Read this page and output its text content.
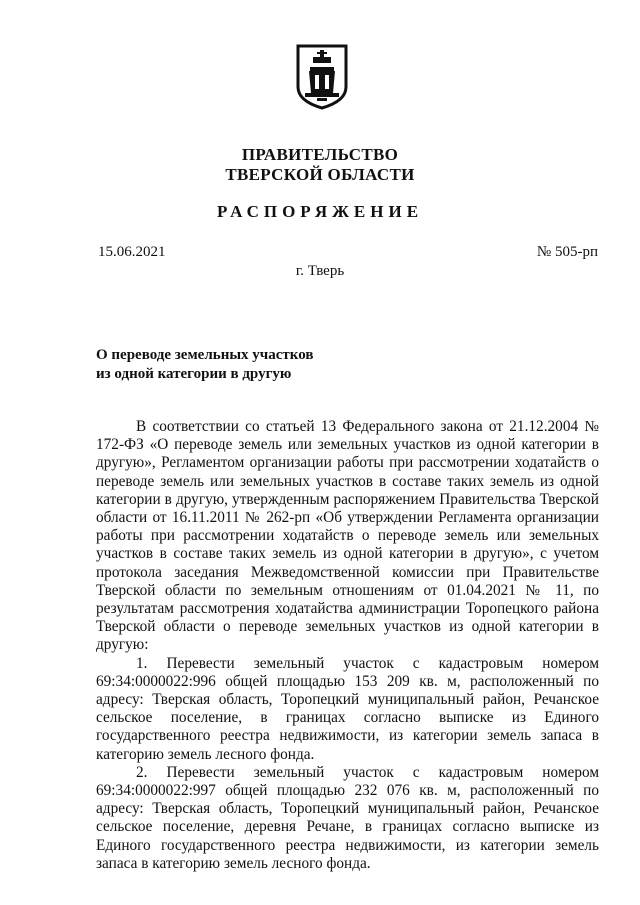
ПРАВИТЕЛЬСТВО
ТВЕРСКОЙ ОБЛАСТИ
РАСПОРЯЖЕНИЕ
15.06.2021	№ 505-рп
г. Тверь
О переводе земельных участков
из одной категории в другую

В соответствии со статьей 13 Федерального закона от 21.12.2004 № 172-ФЗ «О переводе земель или земельных участков из одной категории в другую», Регламентом организации работы при рассмотрении ходатайств о переводе земель или земельных участков в составе таких земель из одной категории в другую, утвержденным распоряжением Правительства Тверской области от 16.11.2011 № 262-рп «Об утверждении Регламента организации работы при рассмотрении ходатайств о переводе земель или земельных участков в составе таких земель из одной категории в другую», с учетом протокола заседания Межведомственной комиссии при Правительстве Тверской области по земельным отношениям от 01.04.2021 № 11, по результатам рассмотрения ходатайства администрации Торопецкого района Тверской области о переводе земельных участков из одной категории в другую:

1. Перевести земельный участок с кадастровым номером 69:34:0000022:996 общей площадью 153 209 кв. м, расположенный по адресу: Тверская область, Торопецкий муниципальный район, Речанское сельское поселение, в границах согласно выписке из Единого государственного реестра недвижимости, из категории земель запаса в категорию земель лесного фонда.

2. Перевести земельный участок с кадастровым номером 69:34:0000022:997 общей площадью 232 076 кв. м, расположенный по адресу: Тверская область, Торопецкий муниципальный район, Речанское сельское поселение, деревня Речане, в границах согласно выписке из Единого государственного реестра недвижимости, из категории земель запаса в категорию земель лесного фонда.
